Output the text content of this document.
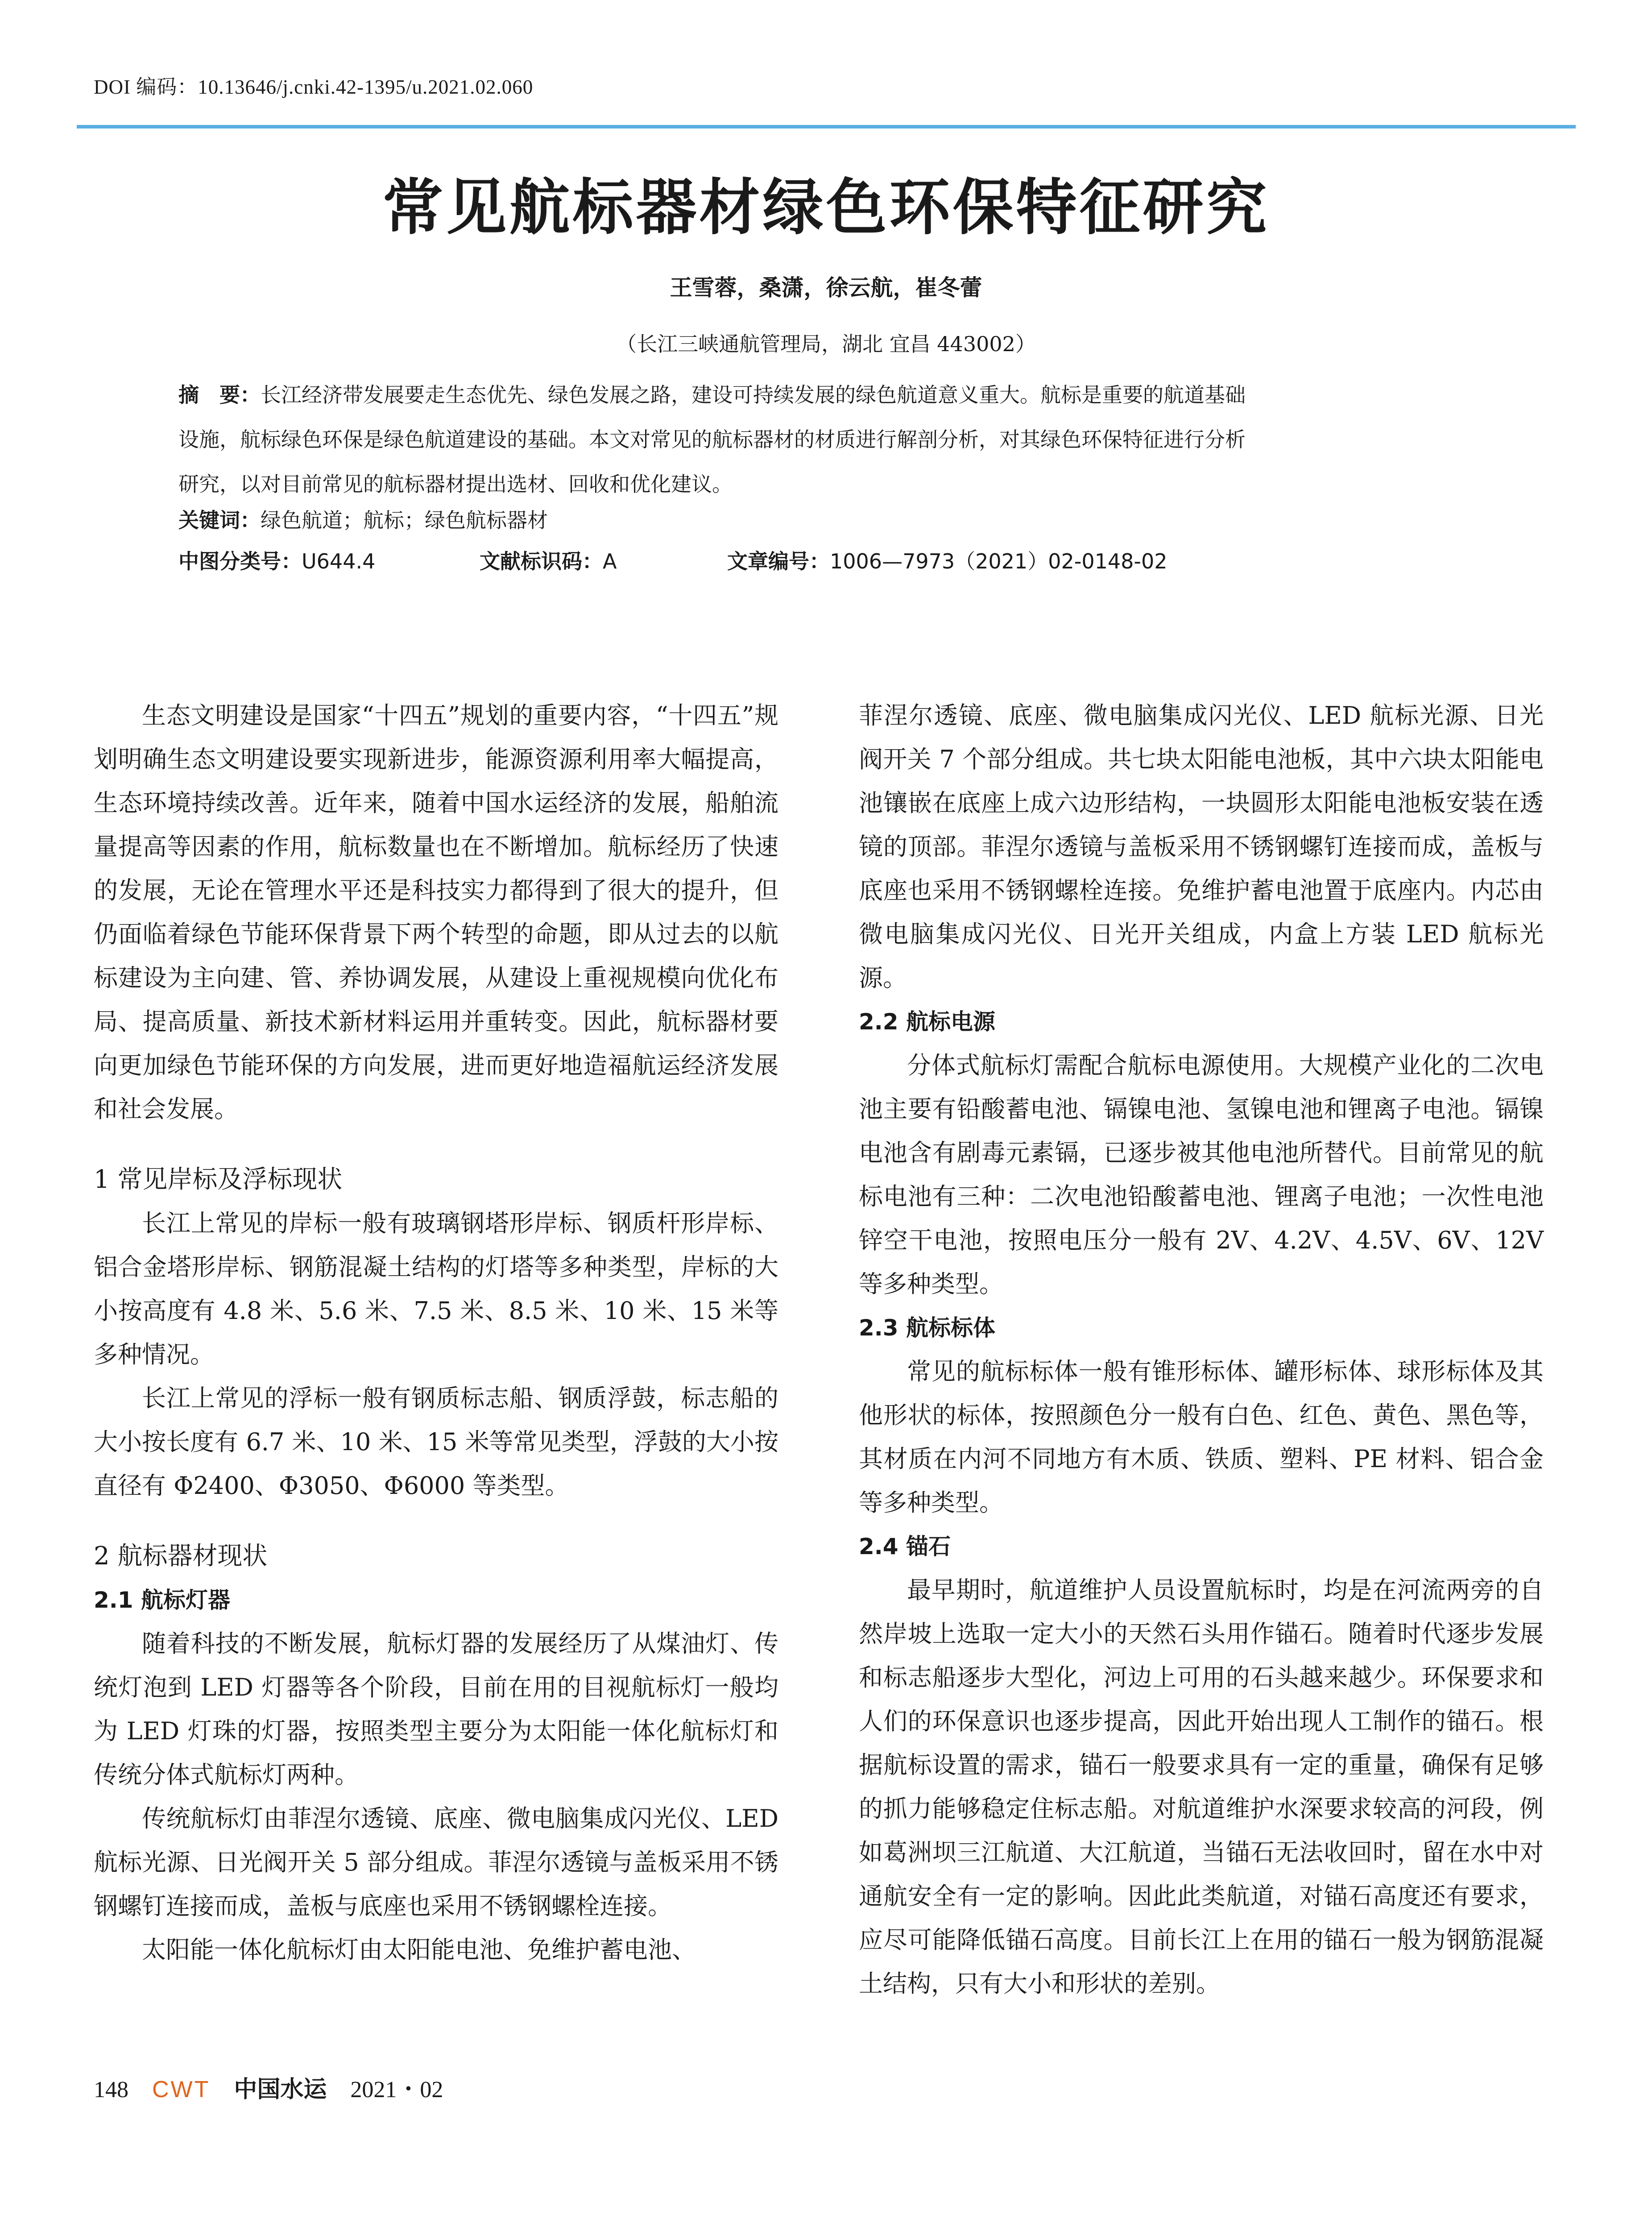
DOI 编码：10.13646/j.cnki.42-1395/u.2021.02.060
常见航标器材绿色环保特征研究
王雪蓉，桑潇，徐云航，崔冬蕾
（长江三峡通航管理局，湖北 宜昌 443002）

摘　要：长江经济带发展要走生态优先、绿色发展之路，建设可持续发展的绿色航道意义重大。航标是重要的航道基础

设施，航标绿色环保是绿色航道建设的基础。本文对常见的航标器材的材质进行解剖分析，对其绿色环保特征进行分析

研究，以对目前常见的航标器材提出选材、回收和优化建议。

关键词：绿色航道；航标；绿色航标器材
中图分类号：U644.4	文献标识码：A	文章编号：1006—7973（2021）02-0148-02

生态文明建设是国家“十四五”规划的重要内容，“十四五”规划明确生态文明建设要实现新进步，能源资源利用率大幅提高，生态环境持续改善。近年来，随着中国水运经济的发展，船舶流量提高等因素的作用，航标数量也在不断增加。航标经历了快速的发展，无论在管理水平还是科技实力都得到了很大的提升，但仍面临着绿色节能环保背景下两个转型的命题，即从过去的以航标建设为主向建、管、养协调发展，从建设上重视规模向优化布局、提高质量、新技术新材料运用并重转变。因此，航标器材要向更加绿色节能环保的方向发展，进而更好地造福航运经济发展和社会发展。

1 常见岸标及浮标现状

长江上常见的岸标一般有玻璃钢塔形岸标、钢质杆形岸标、铝合金塔形岸标、钢筋混凝土结构的灯塔等多种类型，岸标的大小按高度有 4.8 米、5.6 米、7.5 米、8.5 米、10 米、15 米等多种情况。

长江上常见的浮标一般有钢质标志船、钢质浮鼓，标志船的大小按长度有 6.7 米、10 米、15 米等常见类型，浮鼓的大小按直径有 Φ2400、Φ3050、Φ6000 等类型。

2 航标器材现状
2.1 航标灯器

随着科技的不断发展，航标灯器的发展经历了从煤油灯、传统灯泡到 LED 灯器等各个阶段，目前在用的目视航标灯一般均为 LED 灯珠的灯器，按照类型主要分为太阳能一体化航标灯和传统分体式航标灯两种。

传统航标灯由菲涅尔透镜、底座、微电脑集成闪光仪、LED 航标光源、日光阀开关 5 部分组成。菲涅尔透镜与盖板采用不锈钢螺钉连接而成，盖板与底座也采用不锈钢螺栓连接。

太阳能一体化航标灯由太阳能电池、免维护蓄电池、

菲涅尔透镜、底座、微电脑集成闪光仪、LED 航标光源、日光阀开关 7 个部分组成。共七块太阳能电池板，其中六块太阳能电池镶嵌在底座上成六边形结构，一块圆形太阳能电池板安装在透镜的顶部。菲涅尔透镜与盖板采用不锈钢螺钉连接而成，盖板与底座也采用不锈钢螺栓连接。免维护蓄电池置于底座内。内芯由微电脑集成闪光仪、日光开关组成，内盒上方装 LED 航标光源。

2.2 航标电源

分体式航标灯需配合航标电源使用。大规模产业化的二次电池主要有铅酸蓄电池、镉镍电池、氢镍电池和锂离子电池。镉镍电池含有剧毒元素镉，已逐步被其他电池所替代。目前常见的航标电池有三种：二次电池铅酸蓄电池、锂离子电池；一次性电池锌空干电池，按照电压分一般有 2V、4.2V、4.5V、6V、12V 等多种类型。

2.3 航标标体

常见的航标标体一般有锥形标体、罐形标体、球形标体及其他形状的标体，按照颜色分一般有白色、红色、黄色、黑色等，其材质在内河不同地方有木质、铁质、塑料、PE 材料、铝合金等多种类型。

2.4 锚石

最早期时，航道维护人员设置航标时，均是在河流两旁的自然岸坡上选取一定大小的天然石头用作锚石。随着时代逐步发展和标志船逐步大型化，河边上可用的石头越来越少。环保要求和人们的环保意识也逐步提高，因此开始出现人工制作的锚石。根据航标设置的需求，锚石一般要求具有一定的重量，确保有足够的抓力能够稳定住标志船。对航道维护水深要求较高的河段，例如葛洲坝三江航道、大江航道，当锚石无法收回时，留在水中对通航安全有一定的影响。因此此类航道，对锚石高度还有要求，应尽可能降低锚石高度。目前长江上在用的锚石一般为钢筋混凝土结构，只有大小和形状的差别。

148 CWT 中国水运 2021・02
